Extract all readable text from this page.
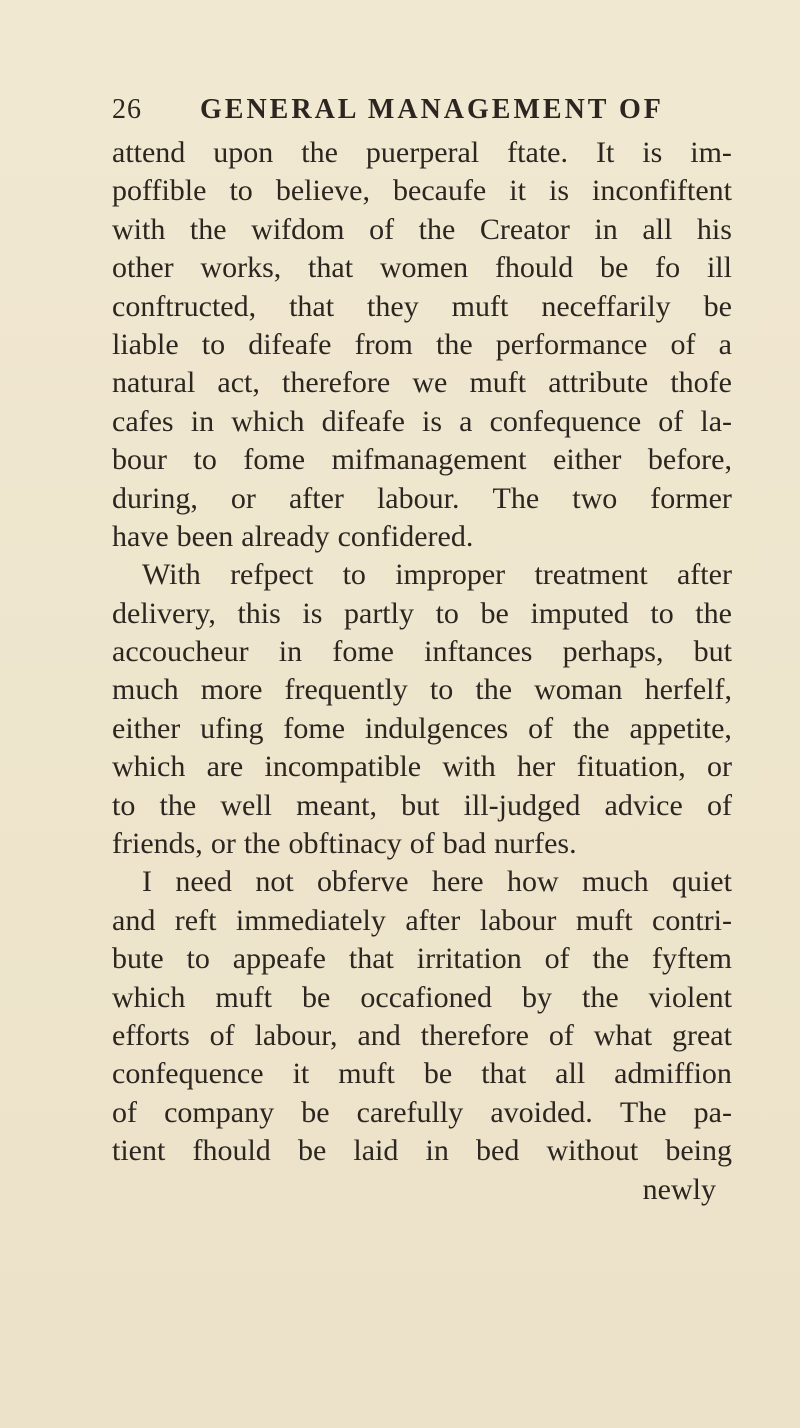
26 GENERAL MANAGEMENT OF
attend upon the puerperal ftate. It is im-
poffible to believe, becaufe it is inconfiftent
with the wifdom of the Creator in all his
other works, that women fhould be fo ill
conftructed, that they muft neceffarily be
liable to difeafe from the performance of a
natural act, therefore we muft attribute thofe
cafes in which difeafe is a confequence of la-
bour to fome mifmanagement either before,
during, or after labour. The two former
have been already confidered.
With refpect to improper treatment after
delivery, this is partly to be imputed to the
accoucheur in fome inftances perhaps, but
much more frequently to the woman herfelf,
either ufing fome indulgences of the appetite,
which are incompatible with her fituation, or
to the well meant, but ill-judged advice of
friends, or the obftinacy of bad nurfes.
I need not obferve here how much quiet
and reft immediately after labour muft contri-
bute to appeafe that irritation of the fyftem
which muft be occafioned by the violent
efforts of labour, and therefore of what great
confequence it muft be that all admiffion
of company be carefully avoided. The pa-
tient fhould be laid in bed without being
newly
